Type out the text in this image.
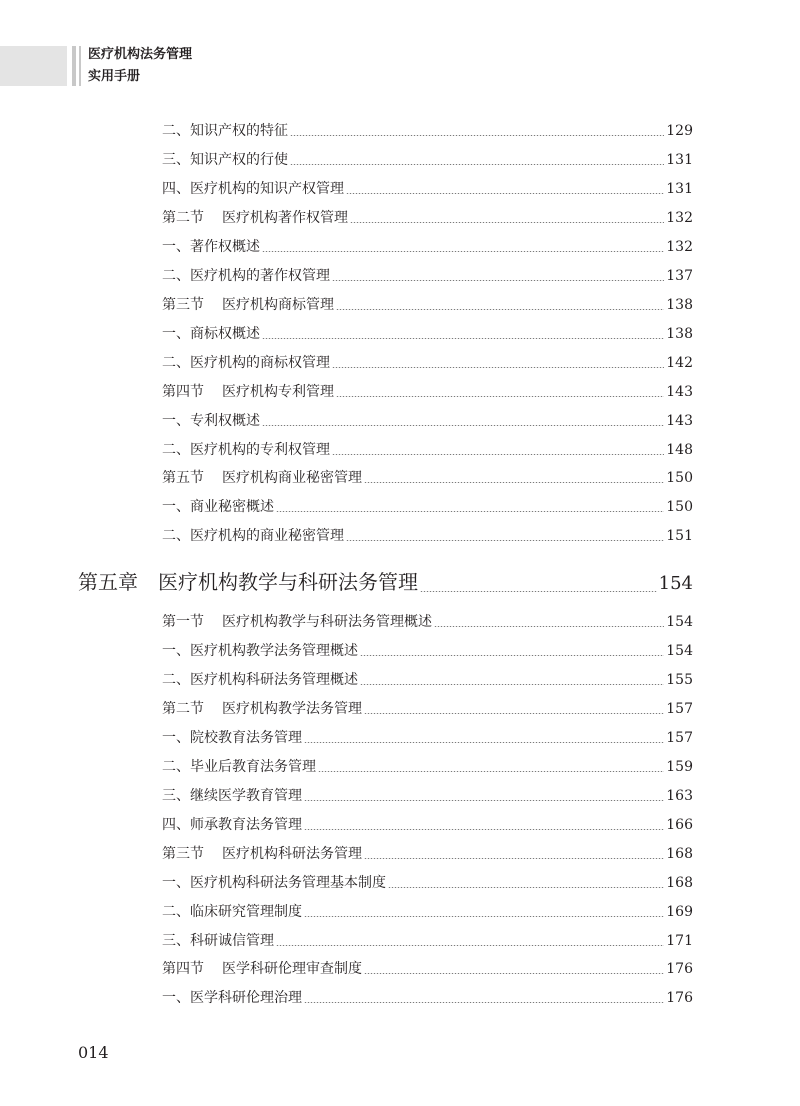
医疗机构法务管理
实用手册
二、知识产权的特征	129
三、知识产权的行使	131
四、医疗机构的知识产权管理	131
第二节 医疗机构著作权管理	132
一、著作权概述	132
二、医疗机构的著作权管理	137
第三节 医疗机构商标管理	138
一、商标权概述	138
二、医疗机构的商标权管理	142
第四节 医疗机构专利管理	143
一、专利权概述	143
二、医疗机构的专利权管理	148
第五节 医疗机构商业秘密管理	150
一、商业秘密概述	150
二、医疗机构的商业秘密管理	151
第五章 医疗机构教学与科研法务管理	154
第一节 医疗机构教学与科研法务管理概述	154
一、医疗机构教学法务管理概述	154
二、医疗机构科研法务管理概述	155
第二节 医疗机构教学法务管理	157
一、院校教育法务管理	157
二、毕业后教育法务管理	159
三、继续医学教育管理	163
四、师承教育法务管理	166
第三节 医疗机构科研法务管理	168
一、医疗机构科研法务管理基本制度	168
二、临床研究管理制度	169
三、科研诚信管理	171
第四节 医学科研伦理审查制度	176
一、医学科研伦理治理	176
014
